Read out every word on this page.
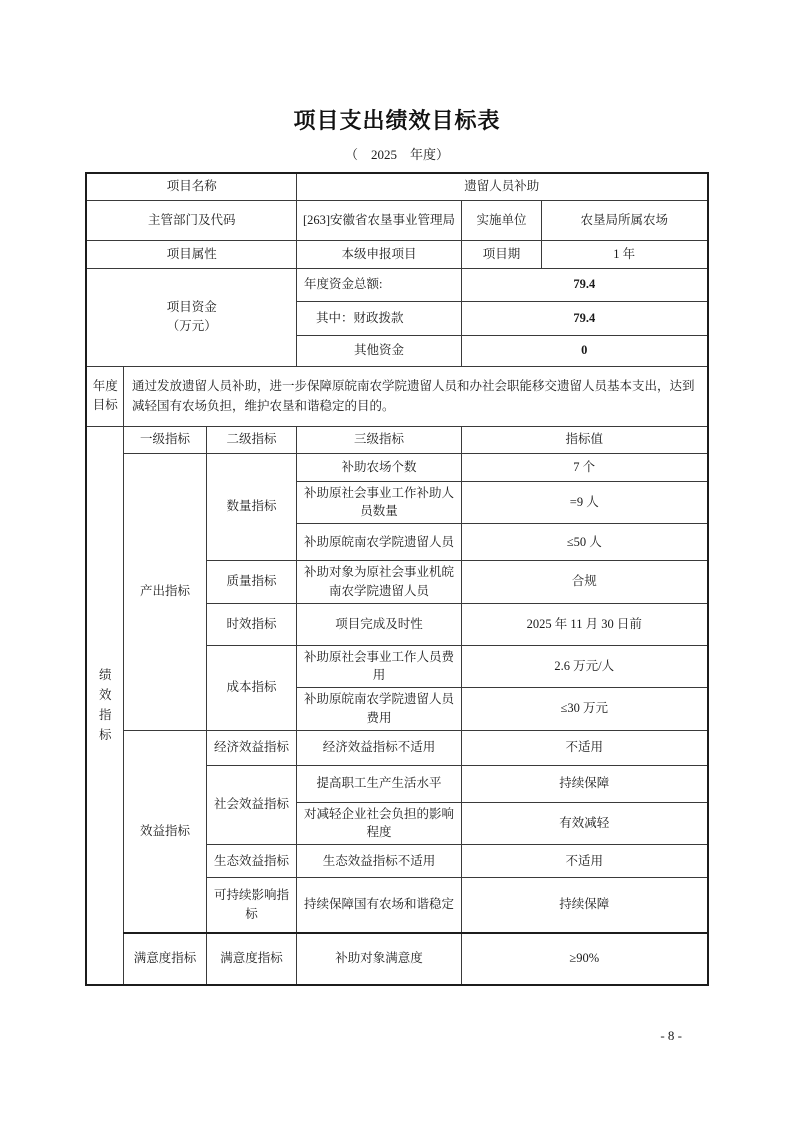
项目支出绩效目标表
（    2025    年度）
项目名称			遗留人员补助		
主管部门及代码			[263]安徽省农垦事业管理局	实施单位	农垦局所属农场
项目属性			本级申报项目	项目期	1 年

项目资金
（万元）			年度资金总额:	79.4	
			其中：财政拨款	79.4	
			其他资金	0	
年度目标	通过发放遗留人员补助，进一步保障原皖南农学院遗留人员和办社会职能移交遗留人员基本支出，达到减轻国有农场负担，维护农垦和谐稳定的目的。				
绩效指标	一级指标	二级指标	三级指标	指标值	
	产出指标	数量指标	补助农场个数	7 个	
			补助原社会事业工作补助人员数量	=9 人	
			补助原皖南农学院遗留人员	≤50 人	
		质量指标	补助对象为原社会事业机皖南农学院遗留人员	合规	
		时效指标	项目完成及时性	2025 年 11 月 30 日前	
		成本指标	补助原社会事业工作人员费用	2.6 万元/人	
			补助原皖南农学院遗留人员费用	≤30 万元	
	效益指标	经济效益指标	经济效益指标不适用	不适用	
		社会效益指标	提高职工生产生活水平	持续保障	
			对减轻企业社会负担的影响程度	有效减轻	
		生态效益指标	生态效益指标不适用	不适用	
		可持续影响指标	持续保障国有农场和谐稳定	持续保障	
	满意度指标	满意度指标	补助对象满意度	≥90%	
- 8 -
